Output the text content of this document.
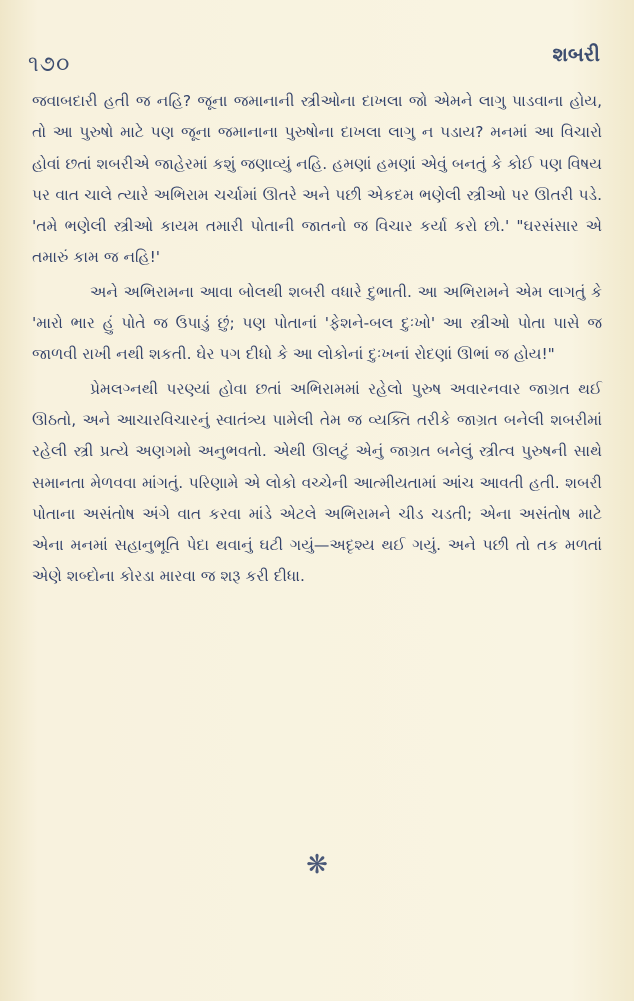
૧૭૦	શબરી

જવાબદારી હતી જ નહિ? જૂના જમાનાની સ્ત્રીઓના દાખલા જો એમને લાગુ પાડવાના હોય, તો આ પુરુષો માટે પણ જૂના જમાનાના પુરુષોના દાખલા લાગુ ન પડાય? મનમાં આ વિચારો હોવાં છતાં શબરીએ જાહેરમાં કશું જણાવ્યું નહિ. હમણાં હમણાં એવું બનતું કે કોઈ પણ વિષય પર વાત ચાલે ત્યારે અભિરામ ચર્ચામાં ઊતરે અને પછી એકદમ ભણેલી સ્ત્રીઓ પર ઊતરી પડે. 'તમે ભણેલી સ્ત્રીઓ કાયમ તમારી પોતાની જાતનો જ વિચાર કર્યા કરો છો.' "ઘરસંસાર એ તમારું કામ જ નહિ!'

અને અભિરામના આવા બોલથી શબરી વધારે દુભાતી. આ અભિરામને એમ લાગતું કે 'મારો ભાર હું પોતે જ ઉપાડું છું; પણ પોતાનાં 'ફેશને-બલ દુઃખો' આ સ્ત્રીઓ પોતા પાસે જ જાળવી રાખી નથી શકતી. ઘેર પગ દીધો કે આ લોકોનાં દુઃખનાં રોદણાં ઊભાં જ હોય!"

પ્રેમલગ્નથી પરણ્યાં હોવા છતાં અભિરામમાં રહેલો પુરુષ અવારનવાર જાગ્રત થઈ ઊઠતો, અને આચારવિચારનું સ્વાતંત્ર્ય પામેલી તેમ જ વ્યક્તિ તરીકે જાગ્રત બનેલી શબરીમાં રહેલી સ્ત્રી પ્રત્યે અણગમો અનુભવતો. એથી ઊલટું એનું જાગ્રત બનેલું સ્ત્રીત્વ પુરુષની સાથે સમાનતા મેળવવા માંગતું. પરિણામે એ લોકો વચ્ચેની આત્મીયતામાં આંચ આવતી હતી. શબરી પોતાના અસંતોષ અંગે વાત કરવા માંડે એટલે અભિરામને ચીડ ચડતી; એના અસંતોષ માટે એના મનમાં સહાનુભૂતિ પેદા થવાનું ઘટી ગયું—અદૃશ્ય થઈ ગયું. અને પછી તો તક મળતાં એણે શબ્દોના કોરડા મારવા જ શરૂ કરી દીધા.

❋
